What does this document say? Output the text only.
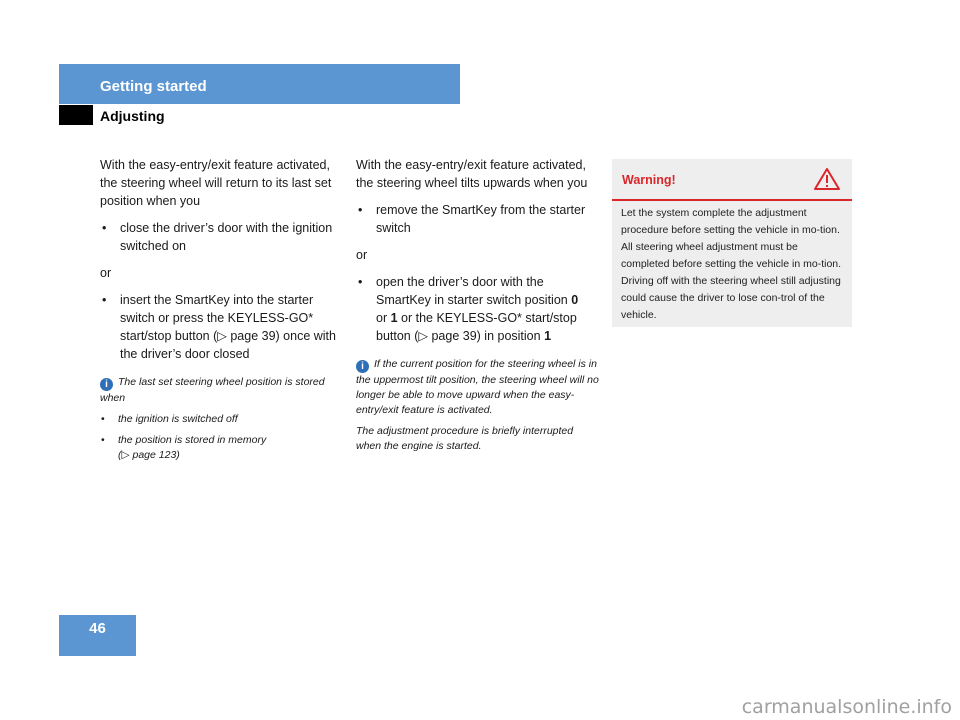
Getting started
Adjusting

With the easy-entry/exit feature activated, the steering wheel will return to its last set position when you

• close the driver’s door with the ignition switched on

or

• insert the SmartKey into the starter switch or press the KEYLESS-GO* start/stop button (▷ page 39) once with the driver’s door closed

i The last set steering wheel position is stored when

• the ignition is switched off
• the position is stored in memory
(▷ page 123)

With the easy-entry/exit feature activated, the steering wheel tilts upwards when you

• remove the SmartKey from the starter switch

or

• open the driver’s door with the SmartKey in starter switch position 0
or 1 or the KEYLESS-GO* start/stop button (▷ page 39) in position 1

i If the current position for the steering wheel is in the uppermost tilt position, the steering wheel will no longer be able to move upward when the easy-entry/exit feature is activated.

The adjustment procedure is briefly interrupted when the engine is started.

Warning!
Let the system complete the adjustment procedure before setting the vehicle in mo-tion. All steering wheel adjustment must be completed before setting the vehicle in mo-tion. Driving off with the steering wheel still adjusting could cause the driver to lose con-trol of the vehicle.
46
carmanualsonline.info
